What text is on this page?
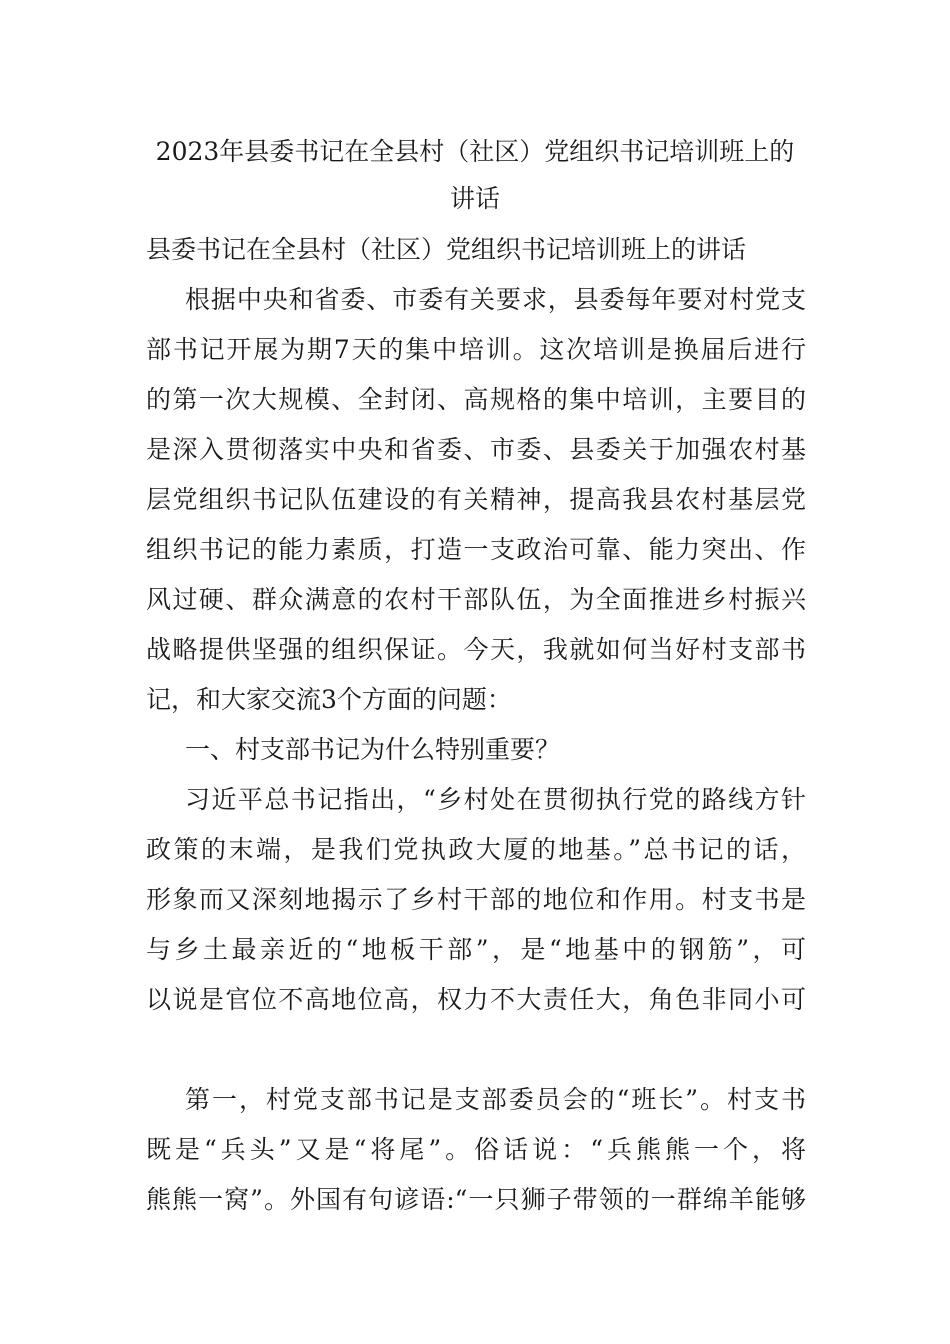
2023年县委书记在全县村（社区）党组织书记培训班上的
讲话

县委书记在全县村（社区）党组织书记培训班上的讲话

根据中央和省委、市委有关要求，县委每年要对村党支
部书记开展为期7天的集中培训。这次培训是换届后进行
的第一次大规模、全封闭、高规格的集中培训，主要目的
是深入贯彻落实中央和省委、市委、县委关于加强农村基
层党组织书记队伍建设的有关精神，提高我县农村基层党
组织书记的能力素质，打造一支政治可靠、能力突出、作
风过硬、群众满意的农村干部队伍，为全面推进乡村振兴
战略提供坚强的组织保证。今天，我就如何当好村支部书
记，和大家交流3个方面的问题：
一、村支部书记为什么特别重要？
习近平总书记指出，“乡村处在贯彻执行党的路线方针
政策的末端，是我们党执政大厦的地基。”总书记的话，
形象而又深刻地揭示了乡村干部的地位和作用。村支书是
与乡土最亲近的“地板干部”，是“地基中的钢筋”，可
以说是官位不高地位高，权力不大责任大，角色非同小可
第一，村党支部书记是支部委员会的“班长”。村支书
既是“兵头”又是“将尾”。俗话说：“兵熊熊一个，将
熊熊一窝”。外国有句谚语:“一只狮子带领的一群绵羊能够
